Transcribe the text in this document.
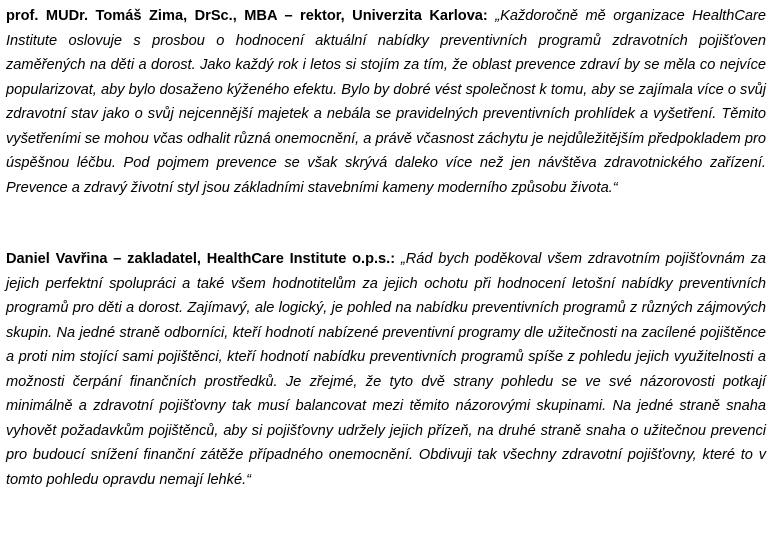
prof. MUDr. Tomáš Zima, DrSc., MBA – rektor, Univerzita Karlova: „Každoročně mě organizace HealthCare Institute oslovuje s prosbou o hodnocení aktuální nabídky preventivních programů zdravotních pojišťoven zaměřených na děti a dorost. Jako každý rok i letos si stojím za tím, že oblast prevence zdraví by se měla co nejvíce popularizovat, aby bylo dosaženo kýženého efektu. Bylo by dobré vést společnost k tomu, aby se zajímala více o svůj zdravotní stav jako o svůj nejcennější majetek a nebála se pravidelných preventivních prohlídek a vyšetření. Těmito vyšetřeními se mohou včas odhalit různá onemocnění, a právě včasnost záchytu je nejdůležitějším předpokladem pro úspěšnou léčbu. Pod pojmem prevence se však skrývá daleko více než jen návštěva zdravotnického zařízení. Prevence a zdravý životní styl jsou základními stavebními kameny moderního způsobu života.“

Daniel Vavřina – zakladatel, HealthCare Institute o.p.s.: „Rád bych poděkoval všem zdravotním pojišťovnám za jejich perfektní spolupráci a také všem hodnotitelům za jejich ochotu při hodnocení letošní nabídky preventivních programů pro děti a dorost. Zajímavý, ale logický, je pohled na nabídku preventivních programů z různých zájmových skupin. Na jedné straně odborníci, kteří hodnotí nabízené preventivní programy dle užitečnosti na zacílené pojištěnce a proti nim stojící sami pojištěnci, kteří hodnotí nabídku preventivních programů spíše z pohledu jejich využitelnosti a možnosti čerpání finančních prostředků. Je zřejmé, že tyto dvě strany pohledu se ve své názorovosti potkají minimálně a zdravotní pojišťovny tak musí balancovat mezi těmito názorovými skupinami. Na jedné straně snaha vyhovět požadavkům pojištěnců, aby si pojišťovny udržely jejich přízeň, na druhé straně snaha o užitečnou prevenci pro budoucí snížení finanční zátěže případného onemocnění. Obdivuji tak všechny zdravotní pojišťovny, které to v tomto pohledu opravdu nemají lehké.“
